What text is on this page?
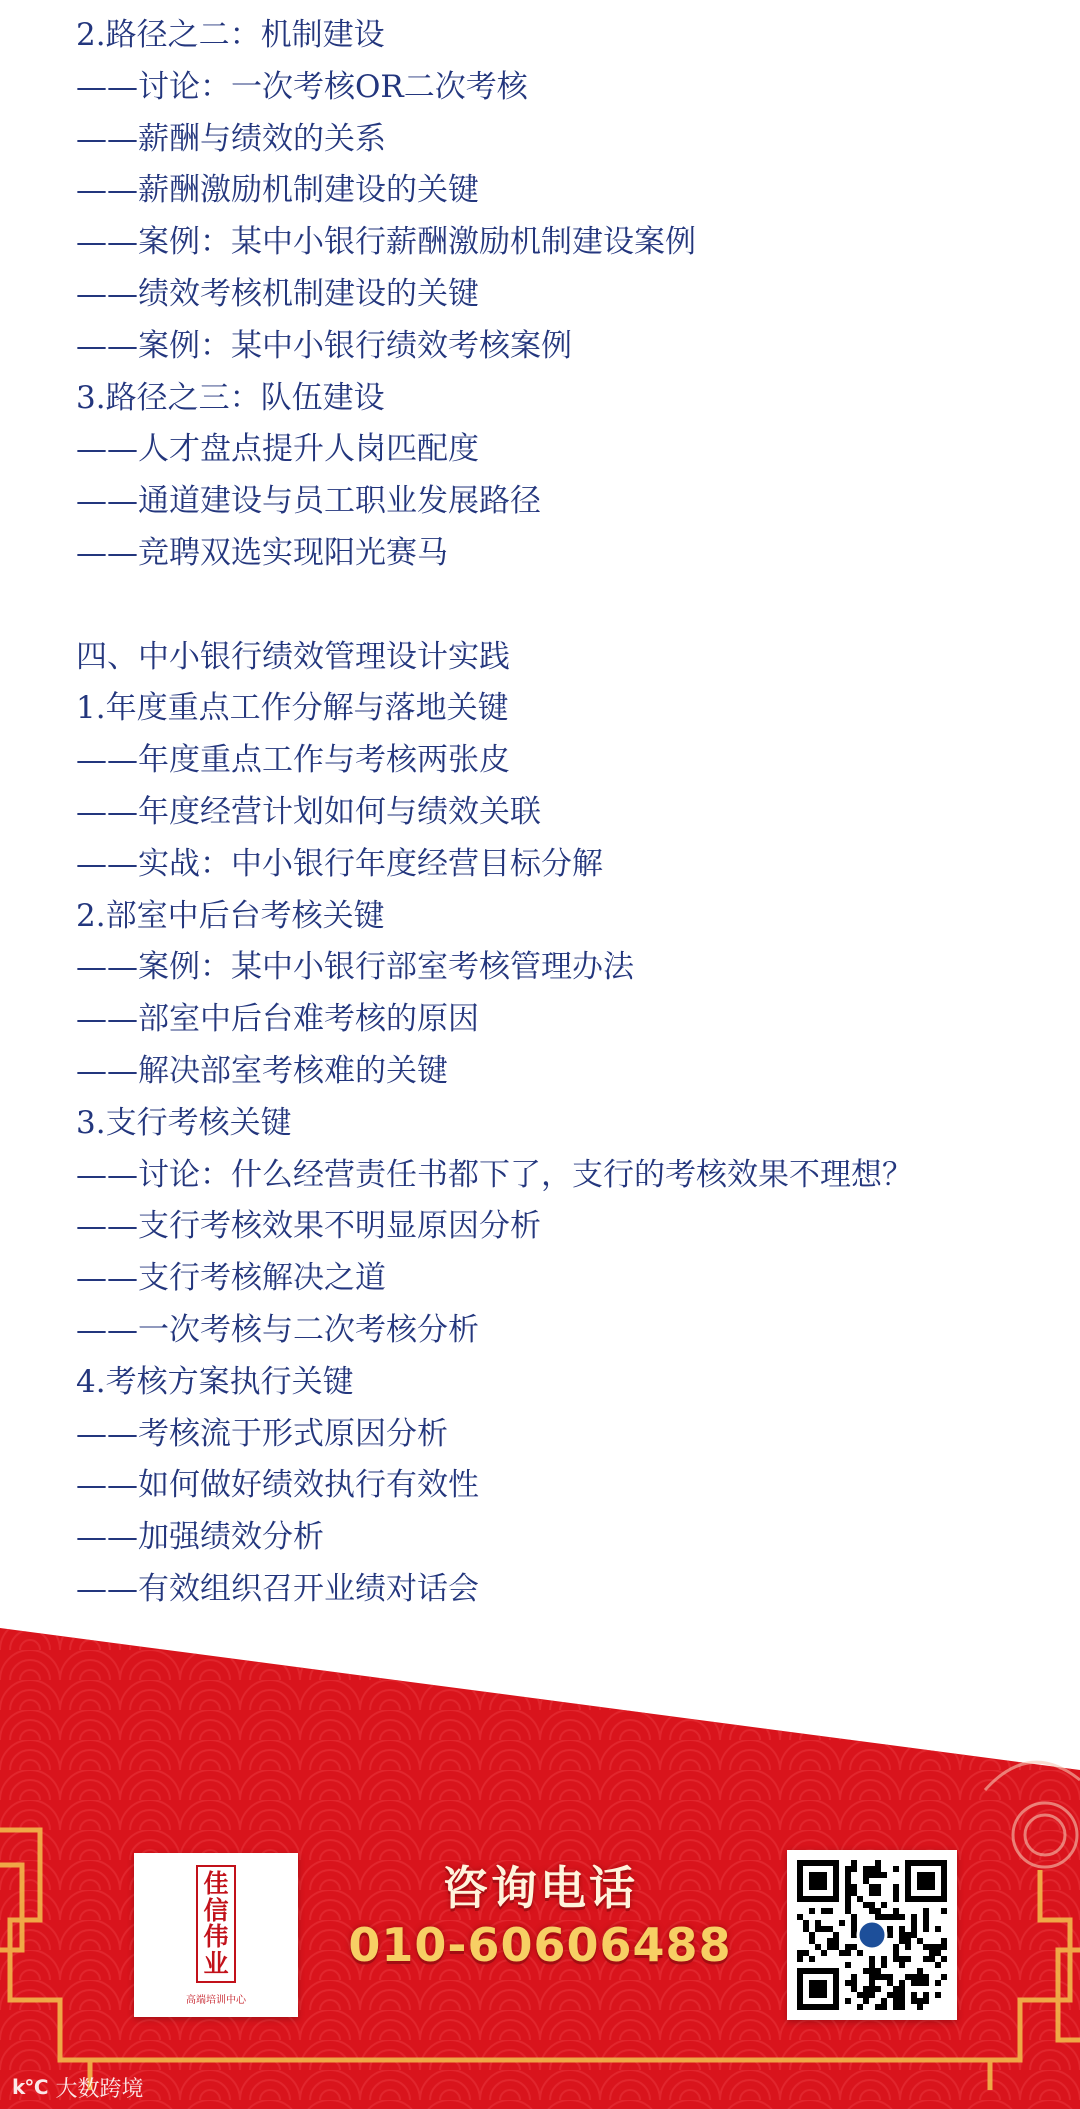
2.路径之二：机制建设
——讨论：一次考核OR二次考核
——薪酬与绩效的关系
——薪酬激励机制建设的关键
——案例：某中小银行薪酬激励机制建设案例
——绩效考核机制建设的关键
——案例：某中小银行绩效考核案例
3.路径之三：队伍建设
——人才盘点提升人岗匹配度
——通道建设与员工职业发展路径
——竞聘双选实现阳光赛马
四、中小银行绩效管理设计实践
1.年度重点工作分解与落地关键
——年度重点工作与考核两张皮
——年度经营计划如何与绩效关联
——实战：中小银行年度经营目标分解
2.部室中后台考核关键
——案例：某中小银行部室考核管理办法
——部室中后台难考核的原因
——解决部室考核难的关键
3.支行考核关键
——讨论：什么经营责任书都下了，支行的考核效果不理想？
——支行考核效果不明显原因分析
——支行考核解决之道
——一次考核与二次考核分析
4.考核方案执行关键
——考核流于形式原因分析
——如何做好绩效执行有效性
——加强绩效分析
——有效组织召开业绩对话会
佳
信
伟
业
高端培训中心
咨询电话
010-60606488
k℃ 大数跨境
